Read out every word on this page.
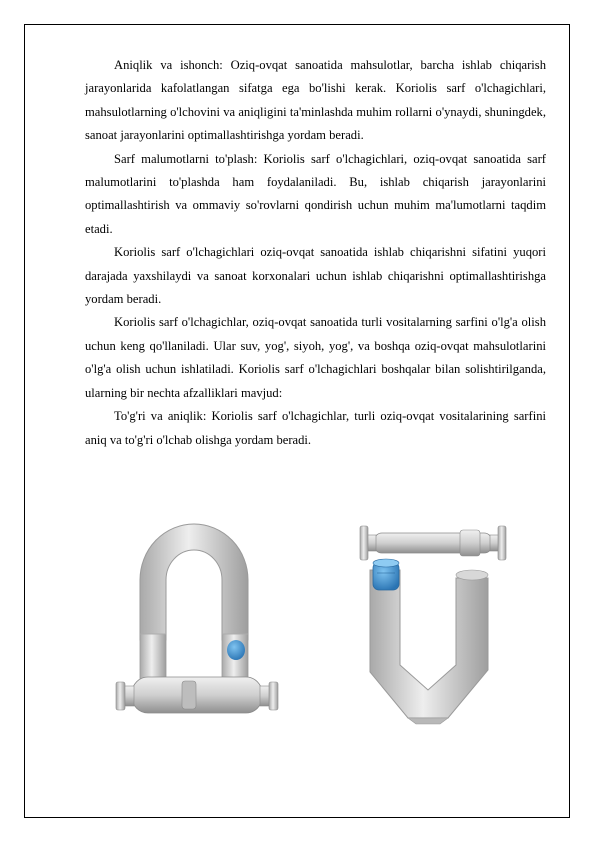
Aniqlik va ishonch: Oziq-ovqat sanoatida mahsulotlar, barcha ishlab chiqarish jarayonlarida kafolatlangan sifatga ega bo'lishi kerak. Koriolis sarf o'lchagichlari, mahsulotlarning o'lchovini va aniqligini ta'minlashda muhim rollarni o'ynaydi, shuningdek, sanoat jarayonlarini optimallashtirishga yordam beradi.

Sarf malumotlarni to'plash: Koriolis sarf o'lchagichlari, oziq-ovqat sanoatida sarf malumotlarini to'plashda ham foydalaniladi. Bu, ishlab chiqarish jarayonlarini optimallashtirish va ommaviy so'rovlarni qondirish uchun muhim ma'lumotlarni taqdim etadi.

Koriolis sarf o'lchagichlari oziq-ovqat sanoatida ishlab chiqarishni sifatini yuqori darajada yaxshilaydi va sanoat korxonalari uchun ishlab chiqarishni optimallashtirishga yordam beradi.

Koriolis sarf o'lchagichlar, oziq-ovqat sanoatida turli vositalarning sarfini o'lg'a olish uchun keng qo'llaniladi. Ular suv, yog', siyoh, yog', va boshqa oziq-ovqat mahsulotlarini o'lg'a olish uchun ishlatiladi. Koriolis sarf o'lchagichlari boshqalar bilan solishtirilganda, ularning bir nechta afzalliklari mavjud:

To'g'ri va aniqlik: Koriolis sarf o'lchagichlar, turli oziq-ovqat vositalarining sarfini aniq va to'g'ri o'lchab olishga yordam beradi.
